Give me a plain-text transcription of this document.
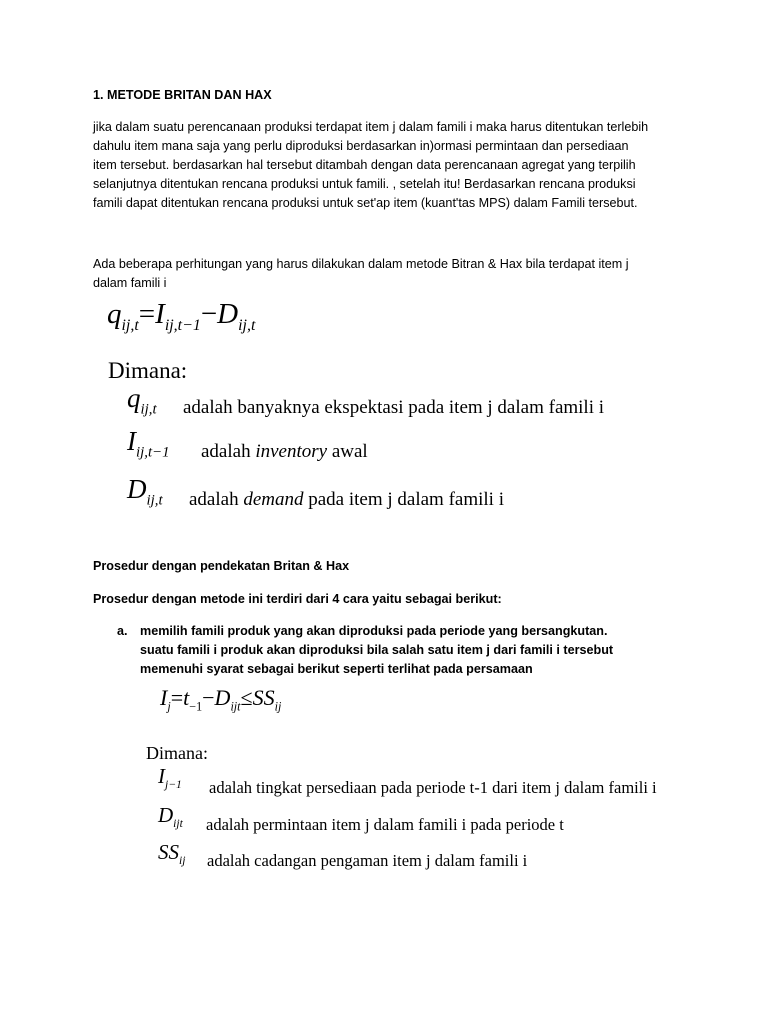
1. METODE BRITAN DAN HAX
jika dalam suatu perencanaan produksi terdapat item j dalam famili i maka harus ditentukan terlebih
dahulu item mana saja yang perlu diproduksi berdasarkan in)ormasi permintaan dan persediaan
item tersebut. berdasarkan hal tersebut ditambah dengan data perencanaan agregat yang terpilih
selanjutnya ditentukan rencana produksi untuk famili. , setelah itu! Berdasarkan rencana produksi
famili dapat ditentukan rencana produksi untuk set'ap item (kuant'tas MPS) dalam Famili tersebut.
Ada beberapa perhitungan yang harus dilakukan dalam metode Bitran & Hax bila terdapat item j
dalam famili i
$q_{ij,t}=I_{ij,t-1}-D_{ij,t}$
Dimana:
$q_{ij,t}$ adalah banyaknya ekspektasi pada item j dalam famili i
$I_{ij,t-1}$ adalah inventory awal
$D_{ij,t}$ adalah demand pada item j dalam famili i
Prosedur dengan pendekatan Britan & Hax
Prosedur dengan metode ini terdiri dari 4 cara yaitu sebagai berikut:
a. memilih famili produk yang akan diproduksi pada periode yang bersangkutan.
suatu famili i produk akan diproduksi bila salah satu item j dari famili i tersebut
memenuhi syarat sebagai berikut seperti terlihat pada persamaan
$I_j=t_{-1}-D_{ijt}\le SS_{ij}$
Dimana:
$I_{j-1}$ adalah tingkat persediaan pada periode t-1 dari item j dalam famili i
$D_{ijt}$ adalah permintaan item j dalam famili i pada periode t
$SS_{ij}$ adalah cadangan pengaman item j dalam famili i
